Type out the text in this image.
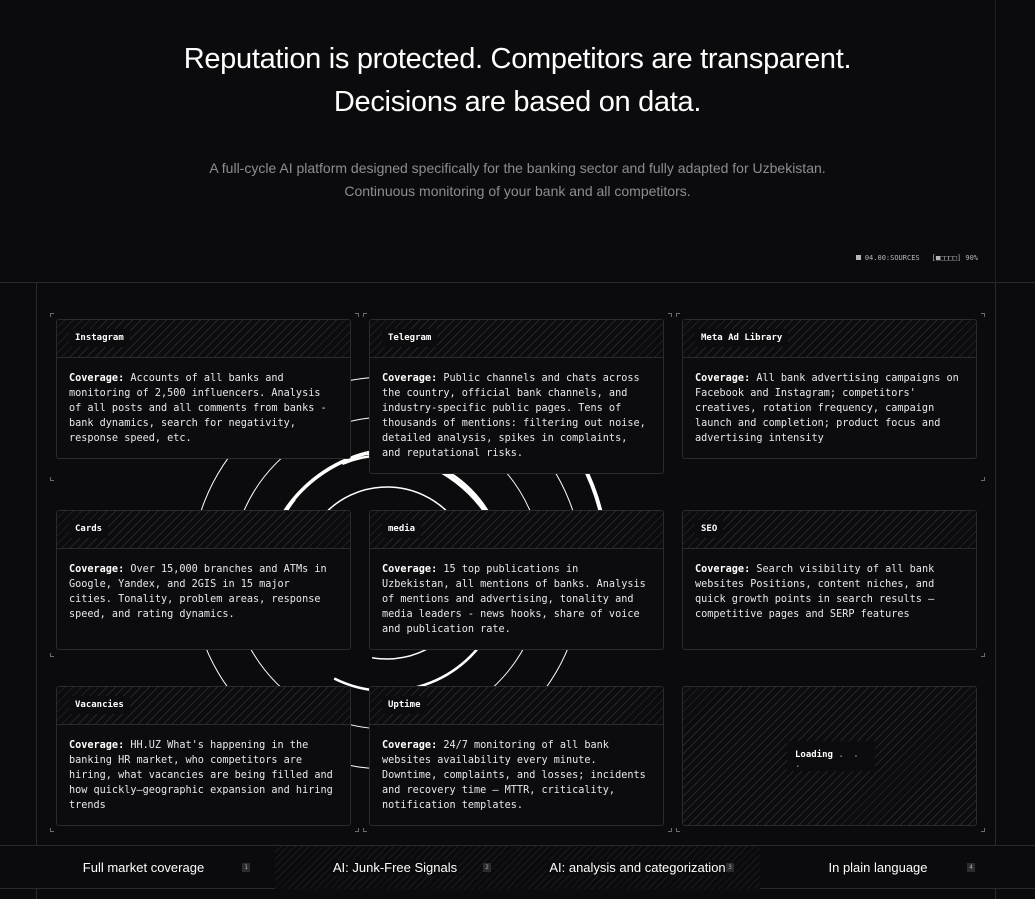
Reputation is protected. Competitors are transparent.
Decisions are based on data.
A full-cycle AI platform designed specifically for the banking sector and fully adapted for Uzbekistan.
Continuous monitoring of your bank and all competitors.
04.00:SOURCES [■□□□□] 90%
Instagram
Coverage: Accounts of all banks and monitoring of 2,500 influencers. Analysis of all posts and all comments from banks - bank dynamics, search for negativity, response speed, etc.
Telegram
Coverage: Public channels and chats across the country, official bank channels, and industry-specific public pages. Tens of thousands of mentions: filtering out noise, detailed analysis, spikes in complaints, and reputational risks.
Meta Ad Library
Coverage: All bank advertising campaigns on Facebook and Instagram; competitors' creatives, rotation frequency, campaign launch and completion; product focus and advertising intensity
Cards
Coverage: Over 15,000 branches and ATMs in Google, Yandex, and 2GIS in 15 major cities. Tonality, problem areas, response speed, and rating dynamics.
media
Coverage: 15 top publications in Uzbekistan, all mentions of banks. Analysis of mentions and advertising, tonality and media leaders - news hooks, share of voice and publication rate.
SEO
Coverage: Search visibility of all bank websites Positions, content niches, and quick growth points in search results — competitive pages and SERP features
Vacancies
Coverage: HH.UZ What's happening in the banking HR market, who competitors are hiring, what vacancies are being filled and how quickly—geographic expansion and hiring trends
Uptime
Coverage: 24/7 monitoring of all bank websites availability every minute. Downtime, complaints, and losses; incidents and recovery time — MTTR, criticality, notification templates.
Loading . . .
Full market coverage	1	AI: Junk-Free Signals	2	AI: analysis and categorization 3	In plain language	4
